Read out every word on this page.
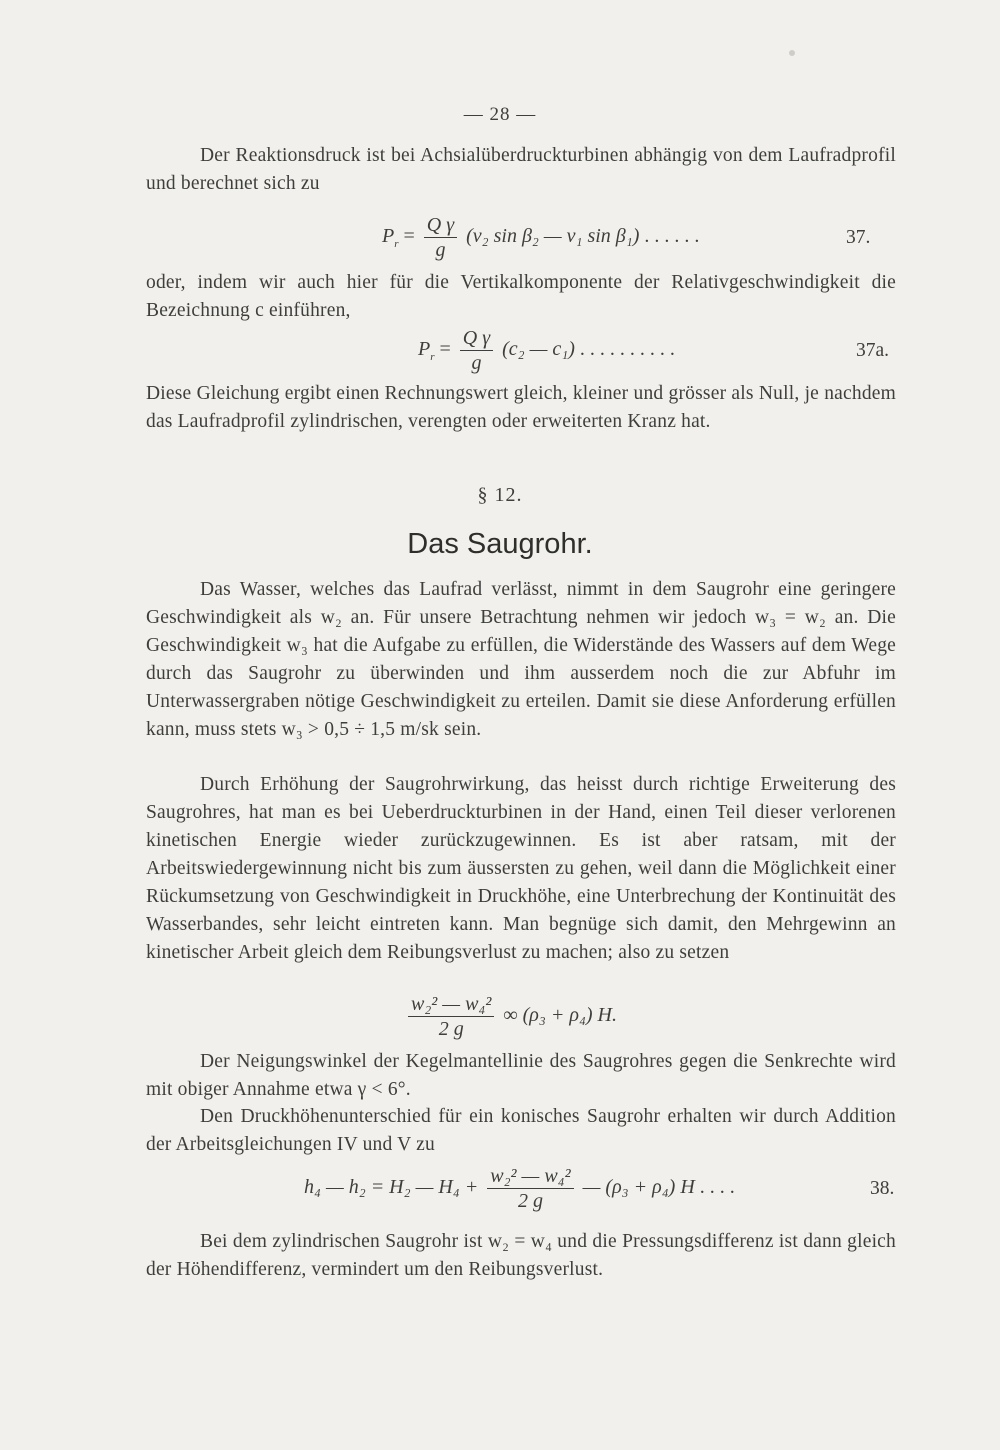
— 28 —

Der Reaktionsdruck ist bei Achsialüberdruckturbinen abhängig von dem Laufradprofil und berechnet sich zu

$P_r = \frac{\text{Q γ}}{g} (v_2$ sin β₂ — v₁ sin β₁) . . . . . .	37.

oder, indem wir auch hier für die Vertikalkomponente der Relativgeschwindigkeit die Bezeichnung c einführen,

$P_r = \frac{\text{Q γ}}{g} (c_2$ — c₁) . . . . . . . . . .	37a.

Diese Gleichung ergibt einen Rechnungswert gleich, kleiner und grösser als Null, je nachdem das Laufradprofil zylindrischen, verengten oder erweiterten Kranz hat.

§ 12.
Das Saugrohr.

Das Wasser, welches das Laufrad verlässt, nimmt in dem Saugrohr eine geringere Geschwindigkeit als w₂ an. Für unsere Betrachtung nehmen wir jedoch w₃ = w₂ an. Die Geschwindigkeit w₃ hat die Aufgabe zu erfüllen, die Widerstände des Wassers auf dem Wege durch das Saugrohr zu überwinden und ihm ausserdem noch die zur Abfuhr im Unterwassergraben nötige Geschwindigkeit zu erteilen. Damit sie diese Anforderung erfüllen kann, muss stets w₃ > 0,5 ÷ 1,5 m/sk sein.

Durch Erhöhung der Saugrohrwirkung, das heisst durch richtige Erweiterung des Saugrohres, hat man es bei Ueberdruckturbinen in der Hand, einen Teil dieser verlorenen kinetischen Energie wieder zurückzugewinnen. Es ist aber ratsam, mit der Arbeitswiedergewinnung nicht bis zum äussersten zu gehen, weil dann die Möglichkeit einer Rückumsetzung von Geschwindigkeit in Druckhöhe, eine Unterbrechung der Kontinuität des Wasserbandes, sehr leicht eintreten kann. Man begnüge sich damit, den Mehrgewinn an kinetischer Arbeit gleich dem Reibungsverlust zu machen; also zu setzen

$\frac{\text{w₂² — w₄²}}{2 g}$ ∞ (ρ₃ + ρ₄) H.

Der Neigungswinkel der Kegelmantellinie des Saugrohres gegen die Senkrechte wird mit obiger Annahme etwa γ < 6°.

Den Druckhöhenunterschied für ein konisches Saugrohr erhalten wir durch Addition der Arbeitsgleichungen IV und V zu

h₄ — h₂ = H₂ — $H_4 + \frac{\text{w₂² — w₄²}}{2 g}$ — (ρ₃ + ρ₄) H . . . .	38.

Bei dem zylindrischen Saugrohr ist w₂ = w₄ und die Pressungsdifferenz ist dann gleich der Höhendifferenz, vermindert um den Reibungsverlust.
